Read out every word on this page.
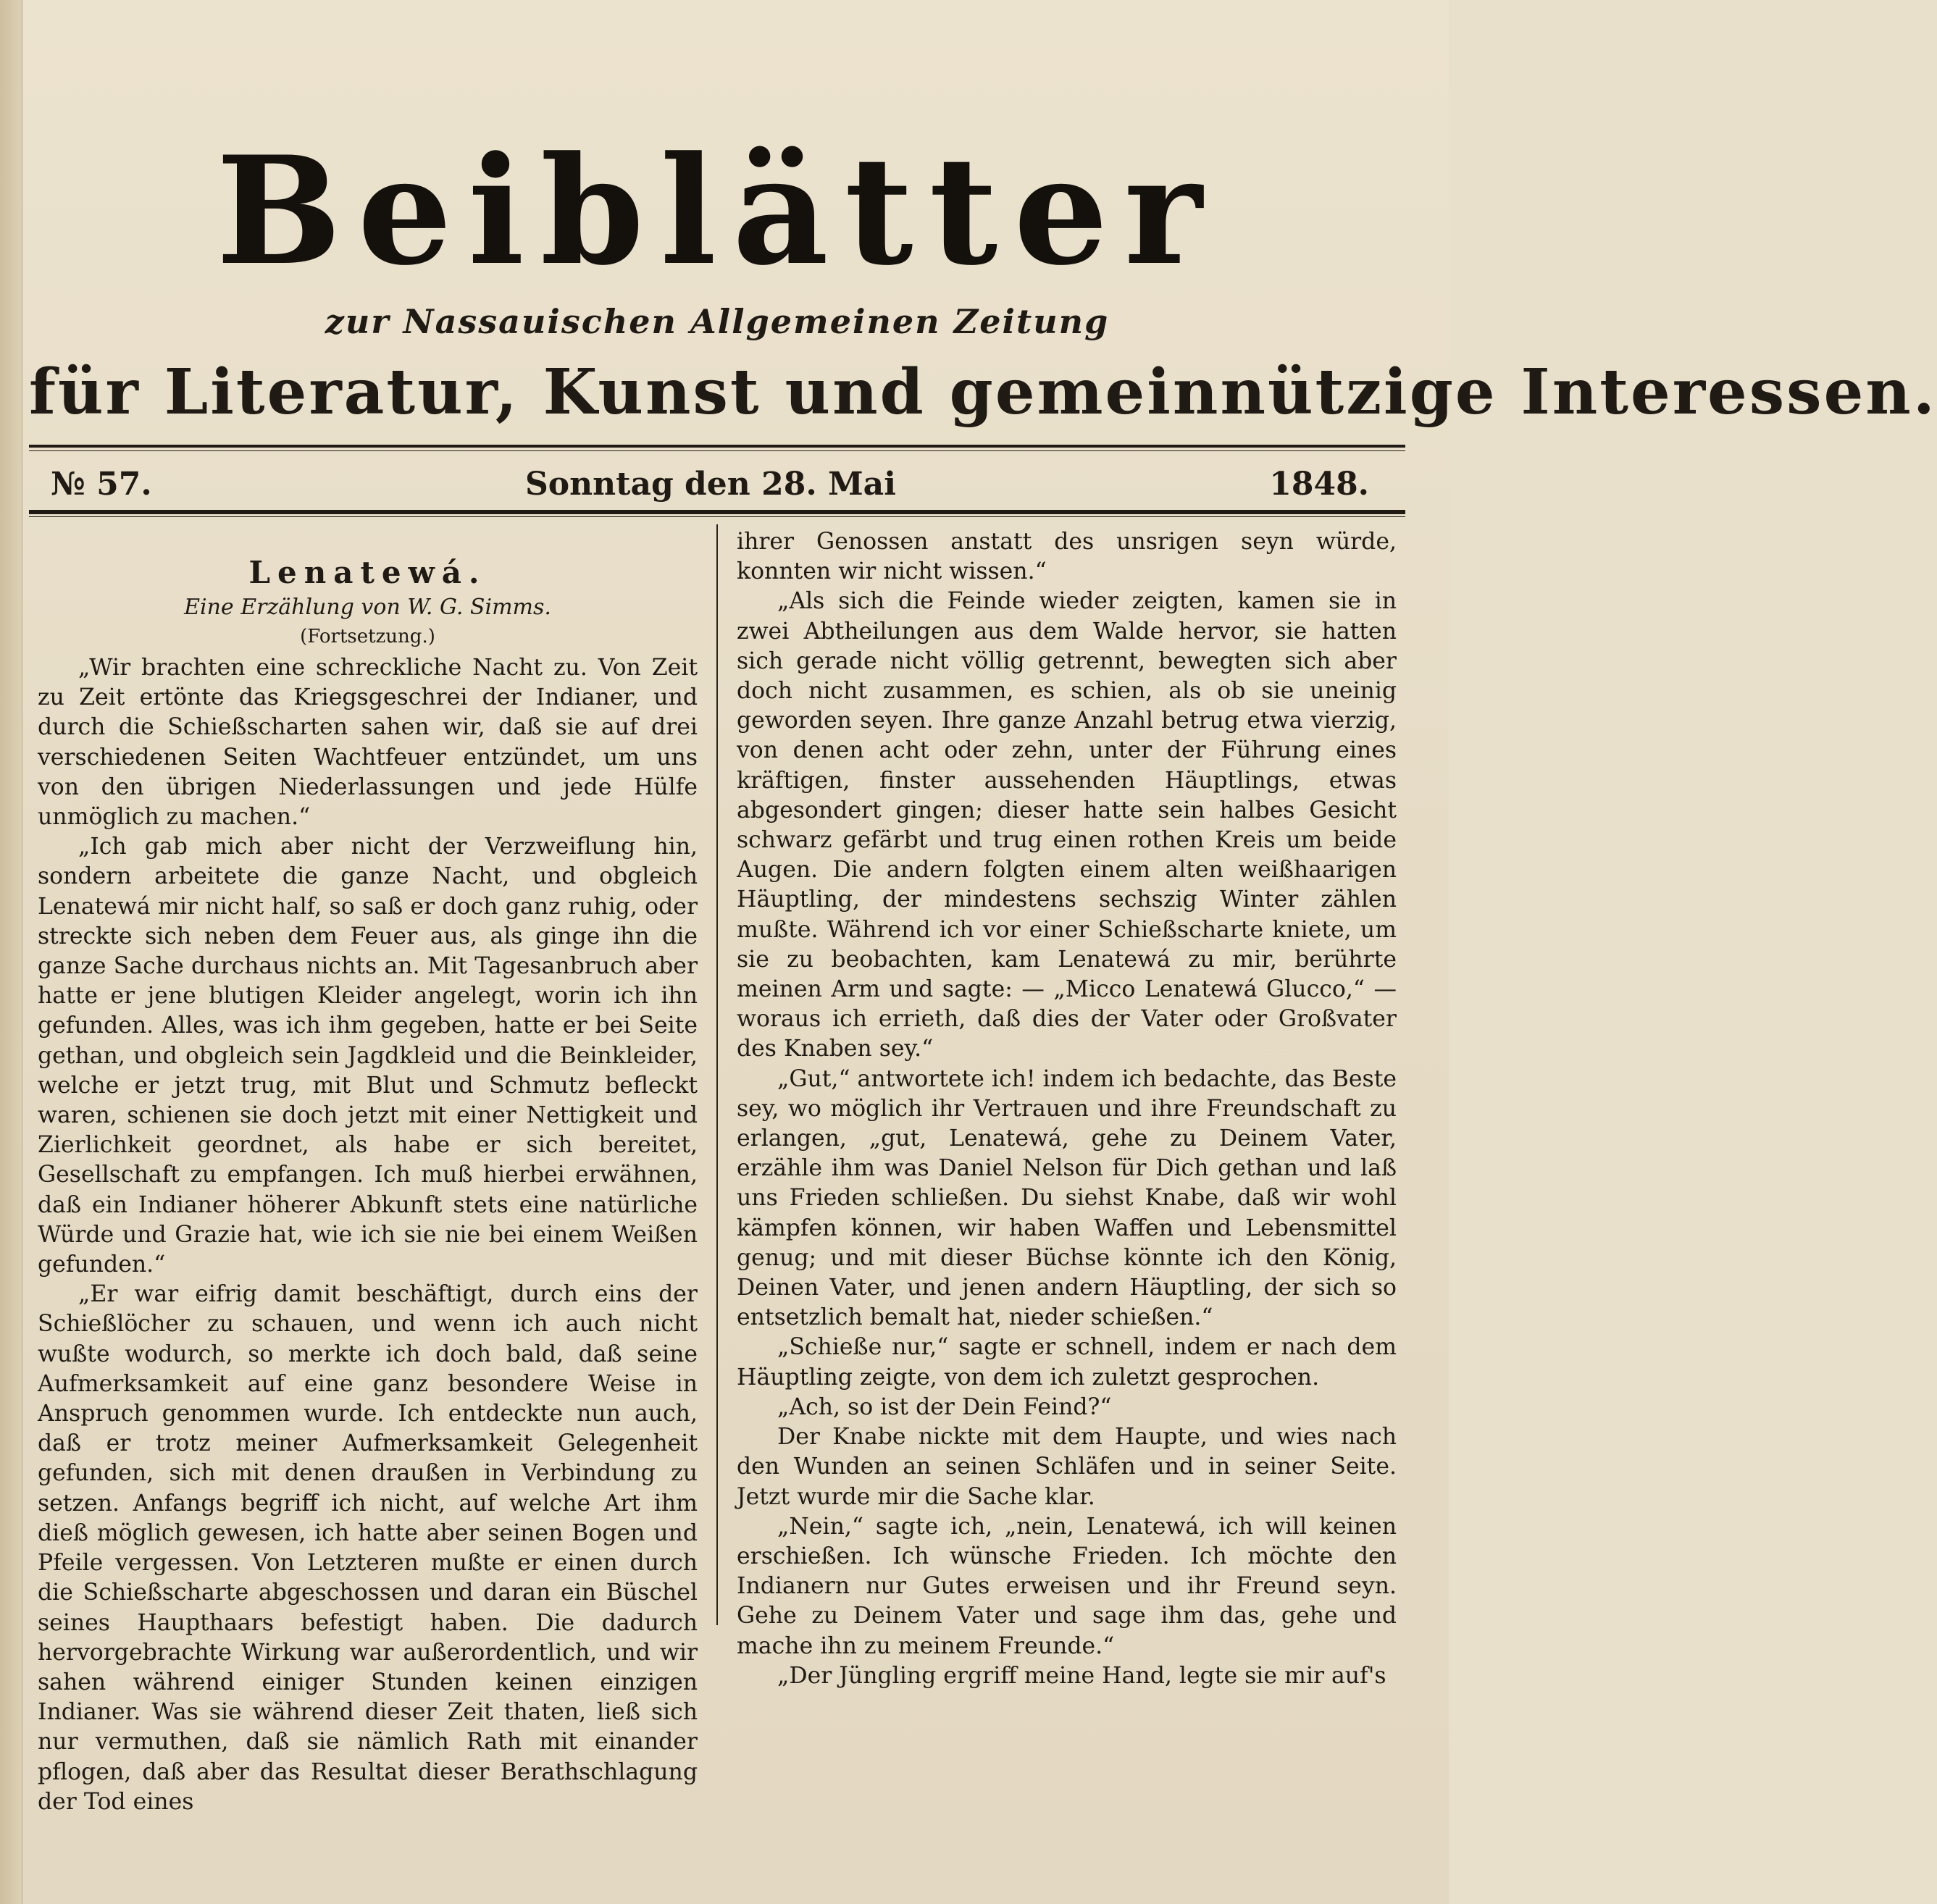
Beiblätter
zur Nassauischen Allgemeinen Zeitung
für Literatur, Kunst und gemeinnützige Interessen.
№ 57.	Sonntag den 28. Mai	1848.
Lenatewá.
Eine Erzählung von W. G. Simms.
(Fortsetzung.)

„Wir brachten eine schreckliche Nacht zu. Von Zeit zu Zeit ertönte das Kriegsgeschrei der Indianer, und durch die Schießscharten sahen wir, daß sie auf drei verschiedenen Seiten Wachtfeuer entzündet, um uns von den übrigen Niederlassungen und jede Hülfe unmöglich zu machen.“

„Ich gab mich aber nicht der Verzweiflung hin, sondern arbeitete die ganze Nacht, und obgleich Lenatewá mir nicht half, so saß er doch ganz ruhig, oder streckte sich neben dem Feuer aus, als ginge ihn die ganze Sache durchaus nichts an. Mit Tagesanbruch aber hatte er jene blutigen Kleider angelegt, worin ich ihn gefunden. Alles, was ich ihm gegeben, hatte er bei Seite gethan, und obgleich sein Jagdkleid und die Beinkleider, welche er jetzt trug, mit Blut und Schmutz befleckt waren, schienen sie doch jetzt mit einer Nettigkeit und Zierlichkeit geordnet, als habe er sich bereitet, Gesellschaft zu empfangen. Ich muß hierbei erwähnen, daß ein Indianer höherer Abkunft stets eine natürliche Würde und Grazie hat, wie ich sie nie bei einem Weißen gefunden.“

„Er war eifrig damit beschäftigt, durch eins der Schießlöcher zu schauen, und wenn ich auch nicht wußte wodurch, so merkte ich doch bald, daß seine Aufmerksamkeit auf eine ganz besondere Weise in Anspruch genommen wurde. Ich entdeckte nun auch, daß er trotz meiner Aufmerksamkeit Gelegenheit gefunden, sich mit denen draußen in Verbindung zu setzen. Anfangs begriff ich nicht, auf welche Art ihm dieß möglich gewesen, ich hatte aber seinen Bogen und Pfeile vergessen. Von Letzteren mußte er einen durch die Schießscharte abgeschossen und daran ein Büschel seines Haupthaars befestigt haben. Die dadurch hervorgebrachte Wirkung war außerordentlich, und wir sahen während einiger Stunden keinen einzigen Indianer. Was sie während dieser Zeit thaten, ließ sich nur vermuthen, daß sie nämlich Rath mit einander pflogen, daß aber das Resultat dieser Berathschlagung der Tod eines

ihrer Genossen anstatt des unsrigen seyn würde, konnten wir nicht wissen.“

„Als sich die Feinde wieder zeigten, kamen sie in zwei Abtheilungen aus dem Walde hervor, sie hatten sich gerade nicht völlig getrennt, bewegten sich aber doch nicht zusammen, es schien, als ob sie uneinig geworden seyen. Ihre ganze Anzahl betrug etwa vierzig, von denen acht oder zehn, unter der Führung eines kräftigen, finster aussehenden Häuptlings, etwas abgesondert gingen; dieser hatte sein halbes Gesicht schwarz gefärbt und trug einen rothen Kreis um beide Augen. Die andern folgten einem alten weißhaarigen Häuptling, der mindestens sechszig Winter zählen mußte. Während ich vor einer Schießscharte kniete, um sie zu beobachten, kam Lenatewá zu mir, berührte meinen Arm und sagte: — „Micco Lenatewá Glucco,“ — woraus ich errieth, daß dies der Vater oder Großvater des Knaben sey.“

„Gut,“ antwortete ich! indem ich bedachte, das Beste sey, wo möglich ihr Vertrauen und ihre Freundschaft zu erlangen, „gut, Lenatewá, gehe zu Deinem Vater, erzähle ihm was Daniel Nelson für Dich gethan und laß uns Frieden schließen. Du siehst Knabe, daß wir wohl kämpfen können, wir haben Waffen und Lebensmittel genug; und mit dieser Büchse könnte ich den König, Deinen Vater, und jenen andern Häuptling, der sich so entsetzlich bemalt hat, nieder schießen.“

„Schieße nur,“ sagte er schnell, indem er nach dem Häuptling zeigte, von dem ich zuletzt gesprochen.

„Ach, so ist der Dein Feind?“

Der Knabe nickte mit dem Haupte, und wies nach den Wunden an seinen Schläfen und in seiner Seite. Jetzt wurde mir die Sache klar.

„Nein,“ sagte ich, „nein, Lenatewá, ich will keinen erschießen. Ich wünsche Frieden. Ich möchte den Indianern nur Gutes erweisen und ihr Freund seyn. Gehe zu Deinem Vater und sage ihm das, gehe und mache ihn zu meinem Freunde.“

„Der Jüngling ergriff meine Hand, legte sie mir auf's
